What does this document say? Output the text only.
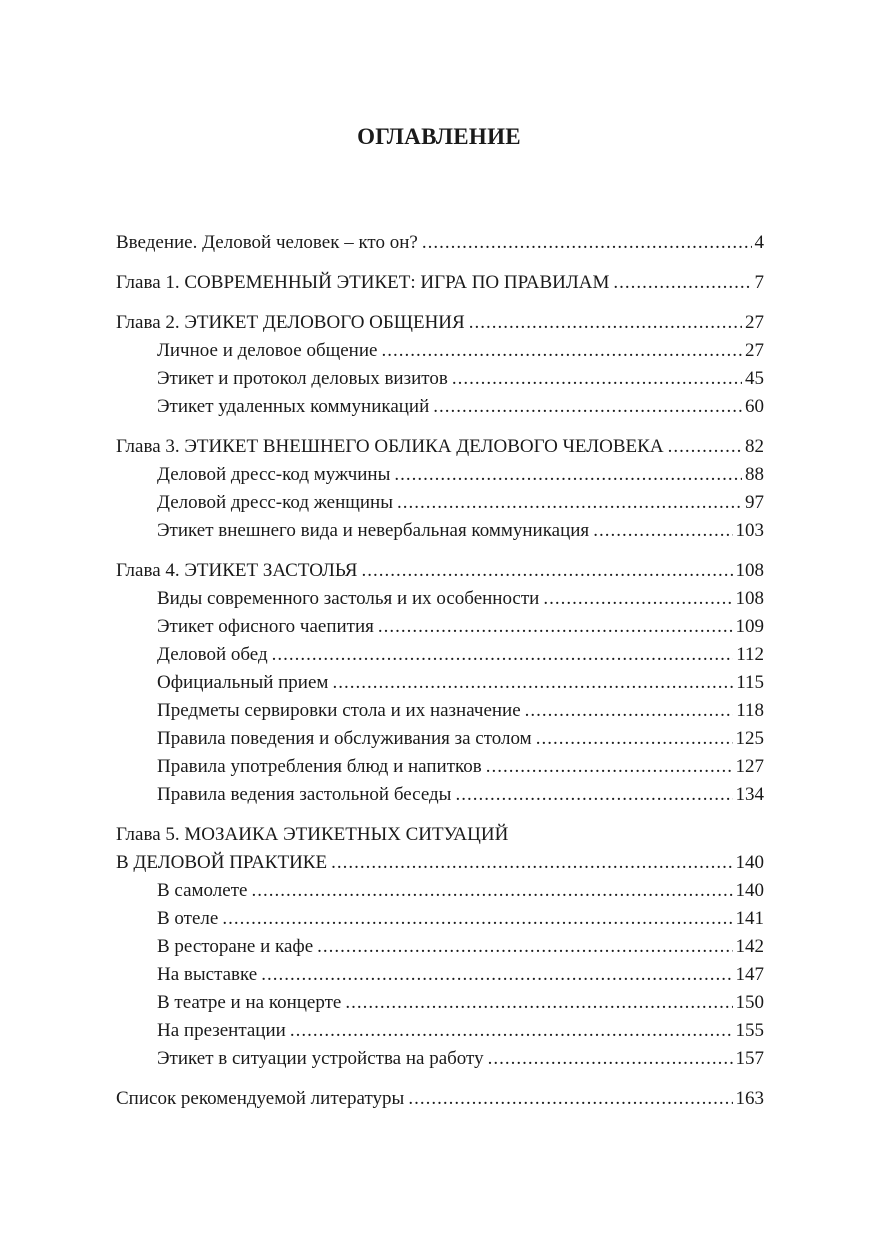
ОГЛАВЛЕНИЕ
Введение. Деловой человек – кто он? .....	4
Глава 1. СОВРЕМЕННЫЙ ЭТИКЕТ: ИГРА ПО ПРАВИЛАМ .....	7
Глава 2. ЭТИКЕТ ДЕЛОВОГО ОБЩЕНИЯ .....	27
Личное и деловое общение .....	27
Этикет и протокол деловых визитов .....	45
Этикет удаленных коммуникаций .....	60
Глава 3. ЭТИКЕТ ВНЕШНЕГО ОБЛИКА ДЕЛОВОГО ЧЕЛОВЕКА .....	82
Деловой дресс-код мужчины .....	88
Деловой дресс-код женщины .....	97
Этикет внешнего вида и невербальная коммуникация .....	103
Глава 4. ЭТИКЕТ ЗАСТОЛЬЯ .....	108
Виды современного застолья и их особенности .....	108
Этикет офисного чаепития .....	109
Деловой обед .....	112
Официальный прием .....	115
Предметы сервировки стола и их назначение .....	118
Правила поведения и обслуживания за столом .....	125
Правила употребления блюд и напитков .....	127
Правила ведения застольной беседы .....	134
Глава 5. МОЗАИКА ЭТИКЕТНЫХ СИТУАЦИЙ
В ДЕЛОВОЙ ПРАКТИКЕ .....	140
В самолете .....	140
В отеле .....	141
В ресторане и кафе .....	142
На выставке .....	147
В театре и на концерте .....	150
На презентации .....	155
Этикет в ситуации устройства на работу .....	157
Список рекомендуемой литературы .....	163
